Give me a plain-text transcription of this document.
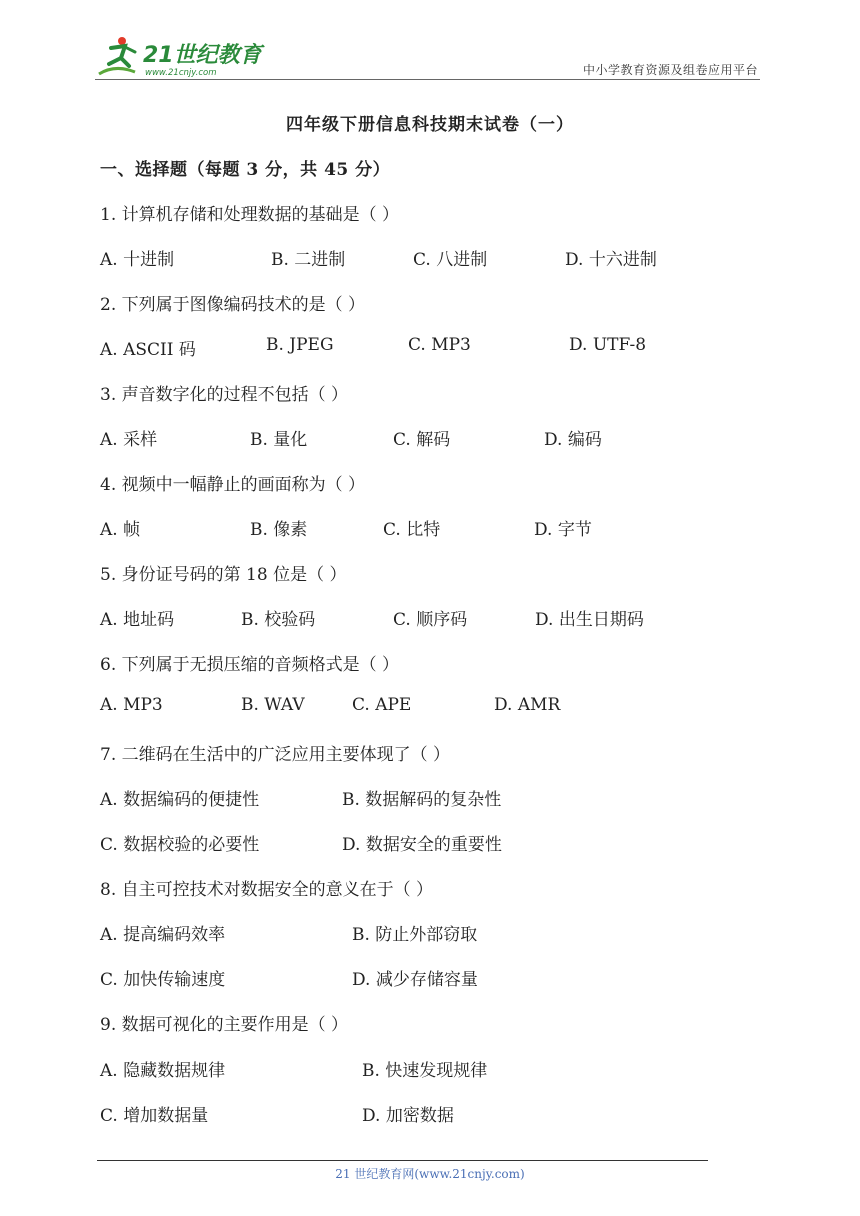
21世纪教育
www.21cnjy.com	中小学教育资源及组卷应用平台
四年级下册信息科技期末试卷（一）
一、选择题（每题 3 分，共 45 分）
1. 计算机存储和处理数据的基础是（ ）
A. 十进制	B. 二进制	C. 八进制	D. 十六进制
2. 下列属于图像编码技术的是（ ）
A. ASCII 码	B. JPEG	C. MP3	D. UTF-8
3. 声音数字化的过程不包括（ ）
A. 采样	B. 量化	C. 解码	D. 编码
4. 视频中一幅静止的画面称为（ ）
A. 帧	B. 像素	C. 比特	D. 字节
5. 身份证号码的第 18 位是（ ）
A. 地址码	B. 校验码	C. 顺序码	D. 出生日期码
6. 下列属于无损压缩的音频格式是（ ）
A. MP3	B. WAV	C. APE	D. AMR
7. 二维码在生活中的广泛应用主要体现了（ ）
A. 数据编码的便捷性	B. 数据解码的复杂性
C. 数据校验的必要性	D. 数据安全的重要性
8. 自主可控技术对数据安全的意义在于（ ）
A. 提高编码效率	B. 防止外部窃取
C. 加快传输速度	D. 减少存储容量
9. 数据可视化的主要作用是（ ）
A. 隐藏数据规律	B. 快速发现规律
C. 增加数据量	D. 加密数据
21 世纪教育网(www.21cnjy.com)
